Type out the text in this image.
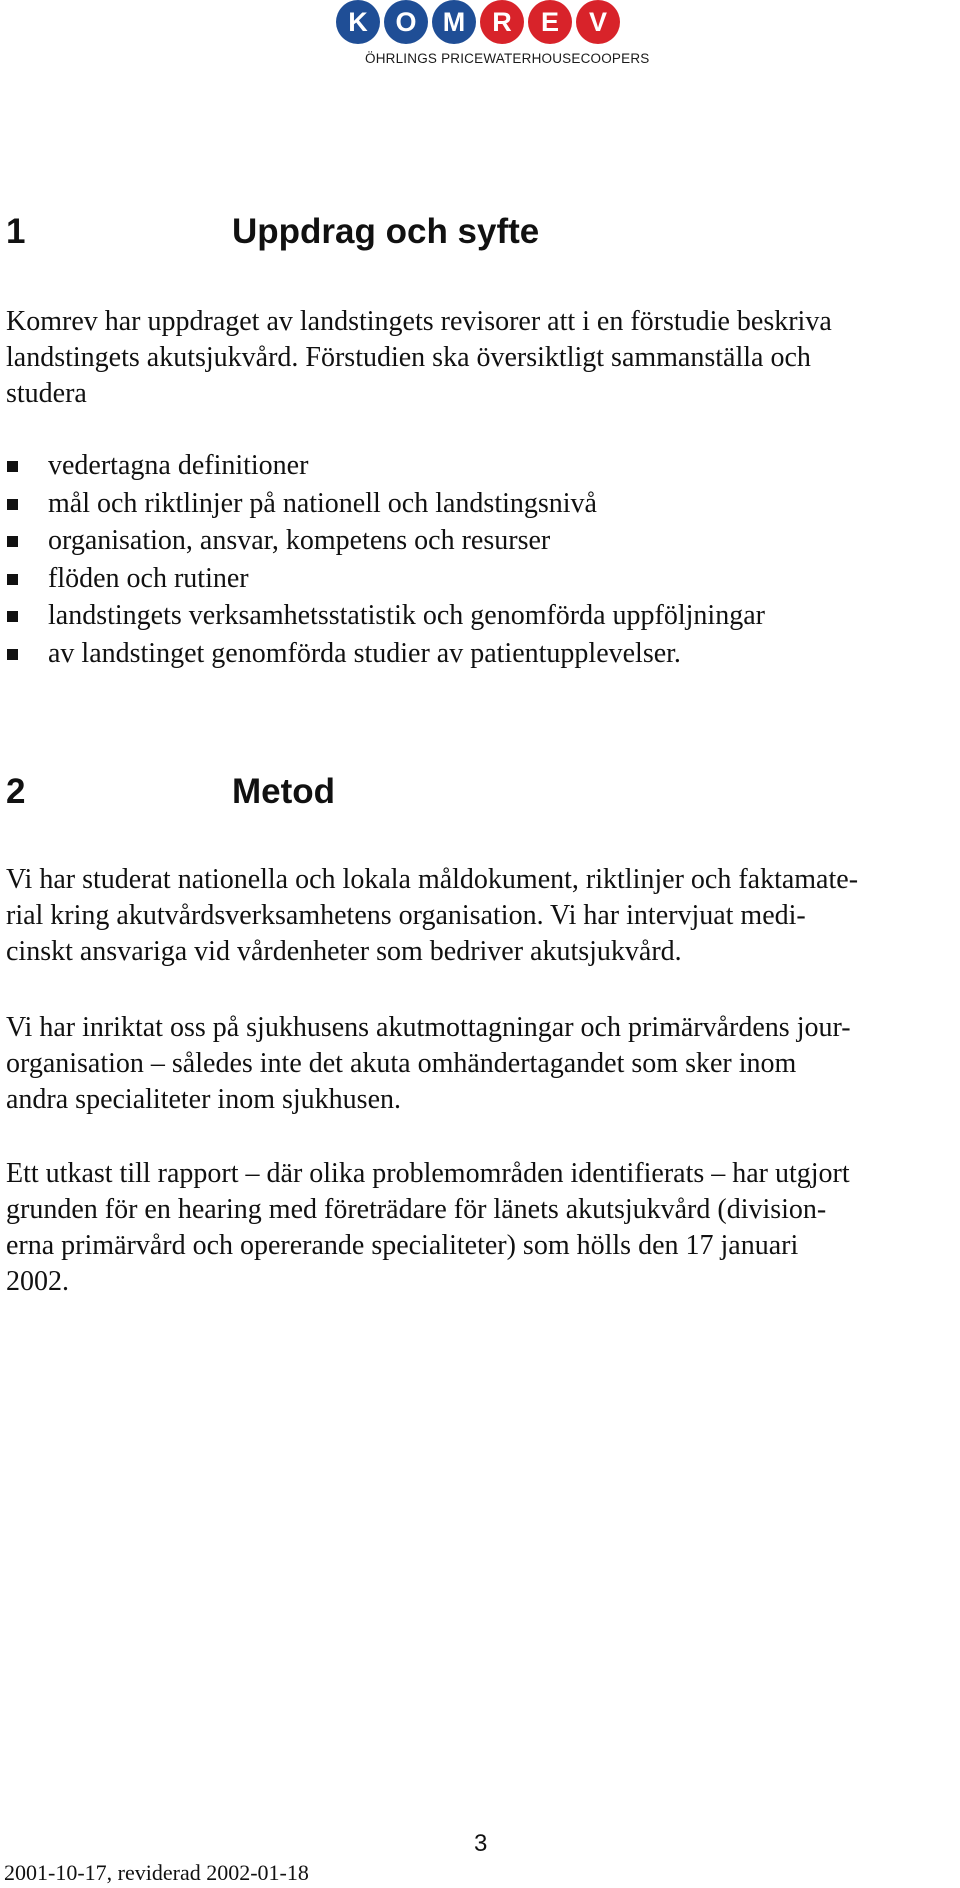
K	O M	R	E	V
ÖHRLINGS PRICEWATERHOUSECOOPERS
1	Uppdrag och syfte

Komrev har uppdraget av landstingets revisorer att i en förstudie beskriva
landstingets akutsjukvård. Förstudien ska översiktligt sammanställa och
studera

vedertagna definitioner
mål och riktlinjer på nationell och landstingsnivå
organisation, ansvar, kompetens och resurser
flöden och rutiner
landstingets verksamhetsstatistik och genomförda uppföljningar
av landstinget genomförda studier av patientupplevelser.
2	Metod

Vi har studerat nationella och lokala måldokument, riktlinjer och faktamate-
rial kring akutvårdsverksamhetens organisation. Vi har intervjuat medi-
cinskt ansvariga vid vårdenheter som bedriver akutsjukvård.

Vi har inriktat oss på sjukhusens akutmottagningar och primärvårdens jour-
organisation – således inte det akuta omhändertagandet som sker inom
andra specialiteter inom sjukhusen.

Ett utkast till rapport – där olika problemområden identifierats – har utgjort
grunden för en hearing med företrädare för länets akutsjukvård (division-
erna primärvård och opererande specialiteter) som hölls den 17 januari
2002.

3

2001-10-17, reviderad 2002-01-18
